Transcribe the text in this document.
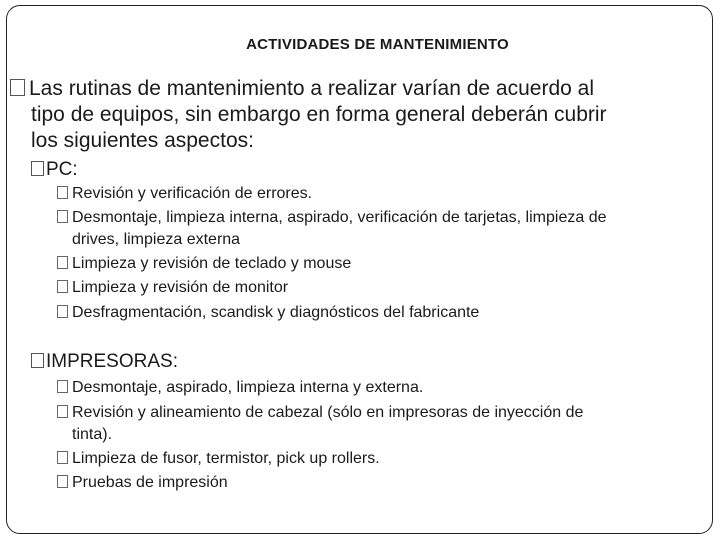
ACTIVIDADES DE MANTENIMIENTO
Las rutinas de mantenimiento a realizar varían de acuerdo al
tipo de equipos, sin embargo en forma general deberán cubrir
los siguientes aspectos:
PC:
Revisión y verificación de errores.
Desmontaje, limpieza interna, aspirado, verificación de tarjetas, limpieza de
drives, limpieza externa
Limpieza y revisión de teclado y mouse
Limpieza y revisión de monitor
Desfragmentación, scandisk y diagnósticos del fabricante
IMPRESORAS:
Desmontaje, aspirado, limpieza interna y externa.
Revisión y alineamiento de cabezal (sólo en impresoras de inyección de
tinta).
Limpieza de fusor, termistor, pick up rollers.
Pruebas de impresión
